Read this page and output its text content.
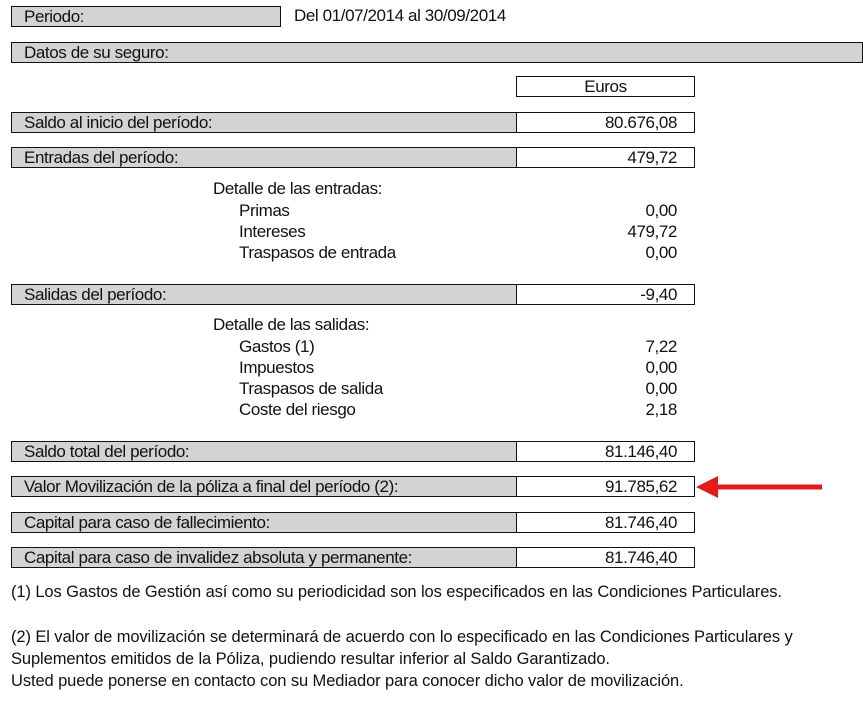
Periodo:	Del 01/07/2014 al 30/09/2014
Datos de su seguro:
Euros
Saldo al inicio del período:	80.676,08
Entradas del período:	479,72
Detalle de las entradas:
Primas	0,00
Intereses	479,72
Traspasos de entrada	0,00
Salidas del período:	-9,40
Detalle de las salidas:
Gastos (1)	7,22
Impuestos	0,00
Traspasos de salida	0,00
Coste del riesgo	2,18
Saldo total del período:	81.146,40
Valor Movilización de la póliza a final del período (2):	91.785,62
Capital para caso de fallecimiento:	81.746,40
Capital para caso de invalidez absoluta y permanente:	81.746,40
(1) Los Gastos de Gestión así como su periodicidad son los especificados en las Condiciones Particulares.
(2) El valor de movilización se determinará de acuerdo con lo especificado en las Condiciones Particulares y
Suplementos emitidos de la Póliza, pudiendo resultar inferior al Saldo Garantizado.
Usted puede ponerse en contacto con su Mediador para conocer dicho valor de movilización.
